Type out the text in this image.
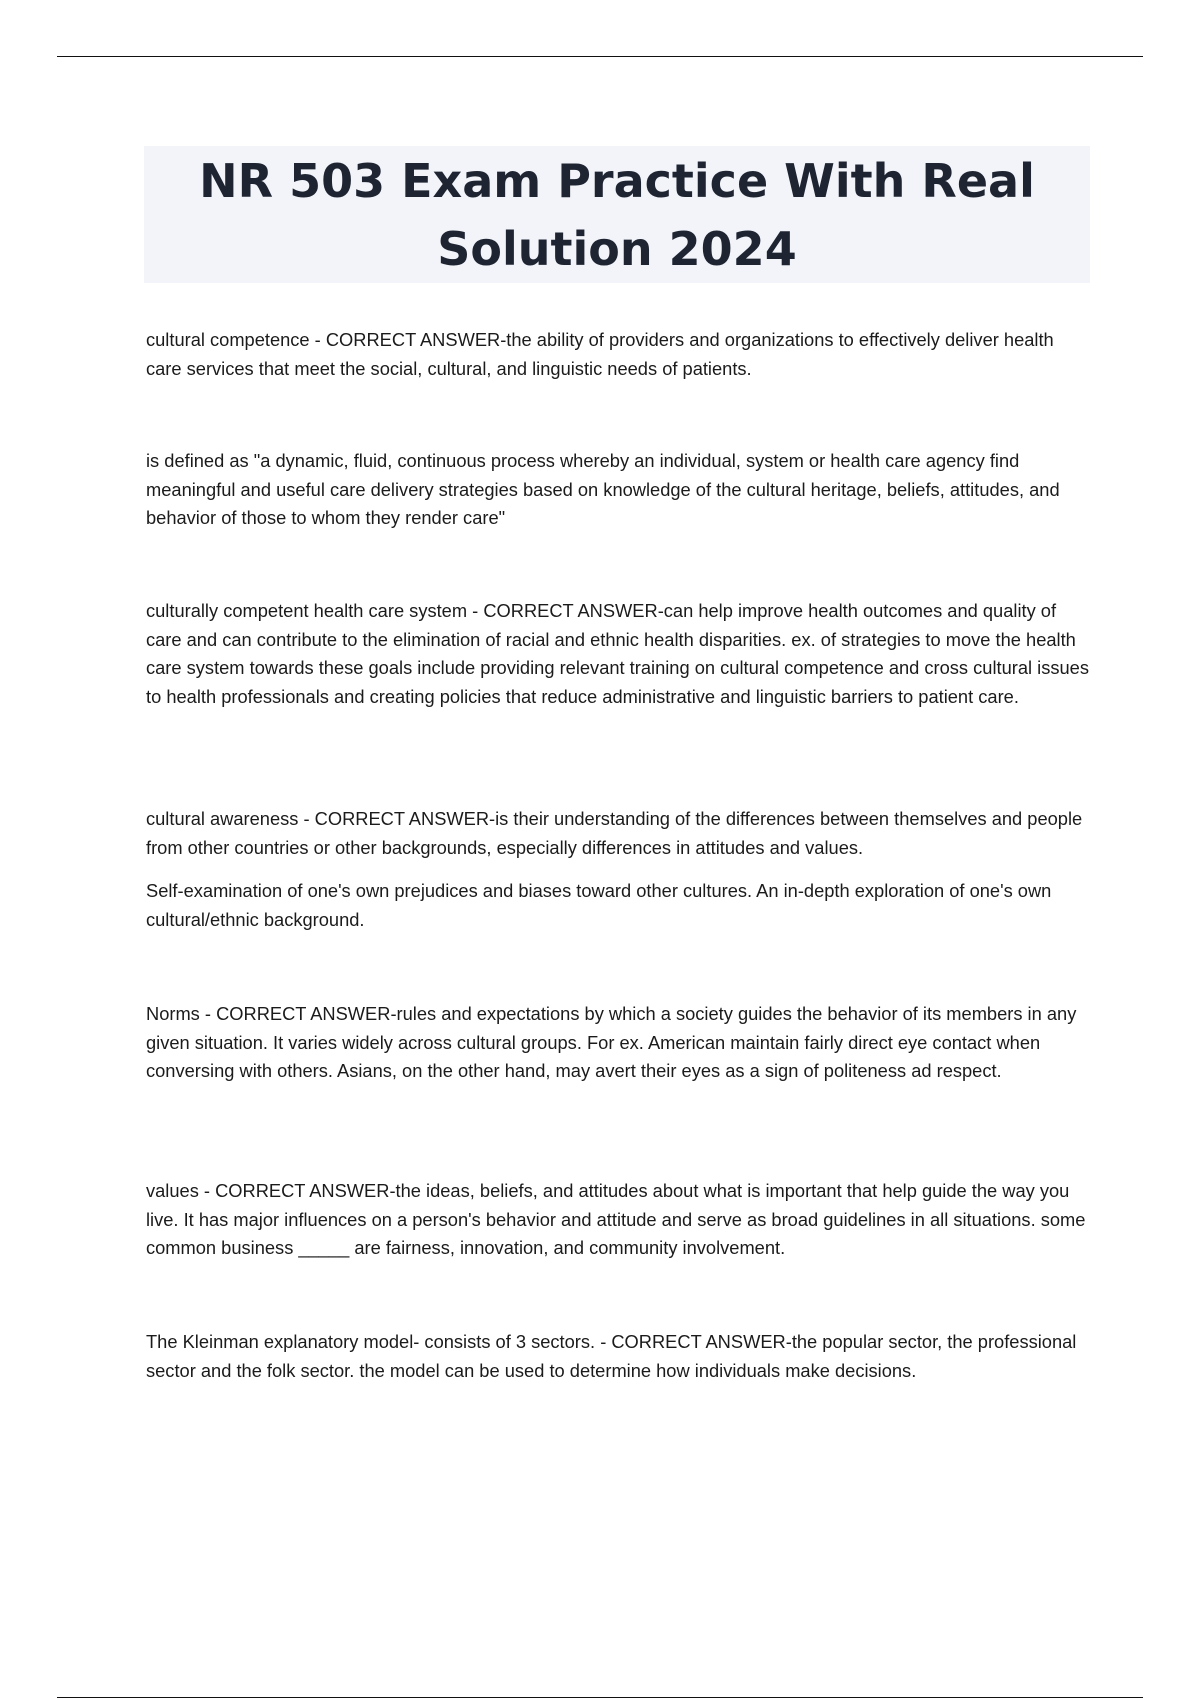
NR 503 Exam Practice With Real
Solution 2024

cultural competence - CORRECT ANSWER-the ability of providers and organizations to effectively deliver health care services that meet the social, cultural, and linguistic needs of patients.

is defined as "a dynamic, fluid, continuous process whereby an individual, system or health care agency find meaningful and useful care delivery strategies based on knowledge of the cultural heritage, beliefs, attitudes, and behavior of those to whom they render care"

culturally competent health care system - CORRECT ANSWER-can help improve health outcomes and quality of care and can contribute to the elimination of racial and ethnic health disparities. ex. of strategies to move the health care system towards these goals include providing relevant training on cultural competence and cross cultural issues to health professionals and creating policies that reduce administrative and linguistic barriers to patient care.

cultural awareness - CORRECT ANSWER-is their understanding of the differences between themselves and people from other countries or other backgrounds, especially differences in attitudes and values.

Self-examination of one's own prejudices and biases toward other cultures. An in-depth exploration of one's own cultural/ethnic background.

Norms - CORRECT ANSWER-rules and expectations by which a society guides the behavior of its members in any given situation. It varies widely across cultural groups. For ex. American maintain fairly direct eye contact when conversing with others. Asians, on the other hand, may avert their eyes as a sign of politeness ad respect.

values - CORRECT ANSWER-the ideas, beliefs, and attitudes about what is important that help guide the way you live. It has major influences on a person's behavior and attitude and serve as broad guidelines in all situations. some common business _____ are fairness, innovation, and community involvement.

The Kleinman explanatory model- consists of 3 sectors. - CORRECT ANSWER-the popular sector, the professional sector and the folk sector. the model can be used to determine how individuals make decisions.
